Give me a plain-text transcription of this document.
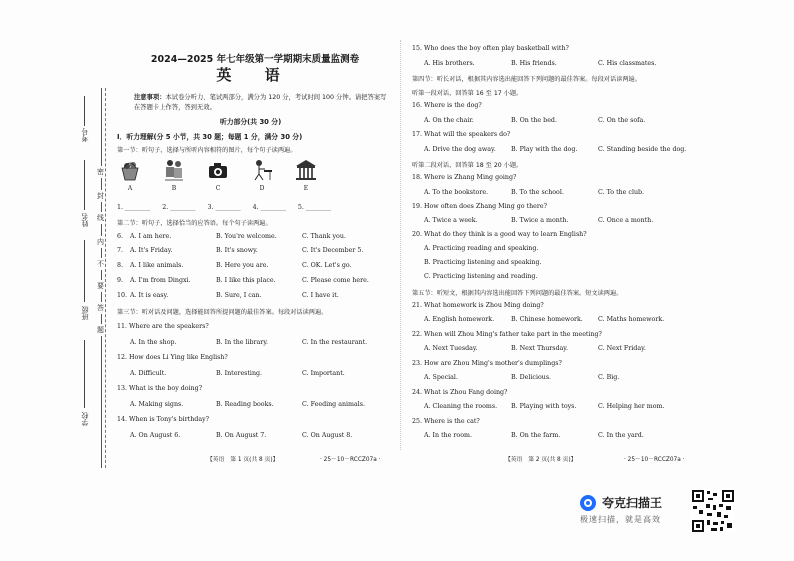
考号
姓名
班级
学校
密
封
线
内
不
要
答
题
2024—2025 年七年级第一学期期末质量监测卷
英 语
注意事项：本试卷分听力、笔试两部分，满分为 120 分，考试时间 100 分钟。请把答案写在答题卡上作答，答到无效。
听力部分(共 30 分)
I．听力理解(分 5 小节，共 30 题；每题 1 分，满分 30 分)
第一节：听句子，选择与所听内容相符的图片，每个句子读两遍。
A	B	C	D	E
1. ________ 2. ________ 3. ________ 4. ________ 5. ________
第二节：听句子，选择恰当的应答语。每个句子读两遍。
6. A. I am here.	B. You're welcome.	C. Thank you.
7. A. It's Friday.	B. It's snowy.	C. It's December 5.
8. A. I like animals.	B. Here you are.	C. OK. Let's go.
9. A. I'm from Dingxi.	B. I like this place.	C. Please come here.
10. A. It is easy.	B. Sure, I can.	C. I have it.
第三节：听对话及问题，选择能回答所提问题的最佳答案。每段对话读两遍。
11. Where are the speakers?
A. In the shop.	B. In the library.	C. In the restaurant.
12. How does Li Ying like English?
A. Difficult.	B. Interesting.	C. Important.
13. What is the boy doing?
A. Making signs.	B. Reading books.	C. Feeding animals.
14. When is Tony's birthday?
A. On August 6.	B. On August 7.	C. On August 8.
【英语　第 1 页(共 8 页)】	· 25－10－RCCZ07a ·
15. Who does the boy often play basketball with?
A. His brothers.	B. His friends.	C. His classmates.
第四节：听长对话，根据其内容选出能回答下列问题的最佳答案。每段对话读两遍。
听第一段对话，回答第 16 至 17 小题。
16. Where is the dog?
A. On the chair.	B. On the bed.	C. On the sofa.
17. What will the speakers do?
A. Drive the dog away. B. Play with the dog.	C. Standing beside the dog.
听第二段对话，回答第 18 至 20 小题。
18. Where is Zhang Ming going?
A. To the bookstore.	B. To the school.	C. To the club.
19. How often does Zhang Ming go there?
A. Twice a week.	B. Twice a month.	C. Once a month.
20. What do they think is a good way to learn English?
A. Practicing reading and speaking.
B. Practicing listening and speaking.
C. Practicing listening and reading.
第五节：听短文，根据其内容选出能回答下列问题的最佳答案。短文读两遍。
21. What homework is Zhou Ming doing?
A. English homework.	B. Chinese homework. C. Maths homework.
22. When will Zhou Ming's father take part in the meeting?
A. Next Tuesday.	B. Next Thursday.	C. Next Friday.
23. How are Zhou Ming's mother's dumplings?
A. Special.	B. Delicious.	C. Big.
24. What is Zhou Fang doing?
A. Cleaning the rooms. B. Playing with toys.	C. Helping her mom.
25. Where is the cat?
A. In the room.	B. On the farm.	C. In the yard.
【英语　第 2 页(共 8 页)】	· 25－10－RCCZ07a ·
夸克扫描王
极速扫描，就是高效
